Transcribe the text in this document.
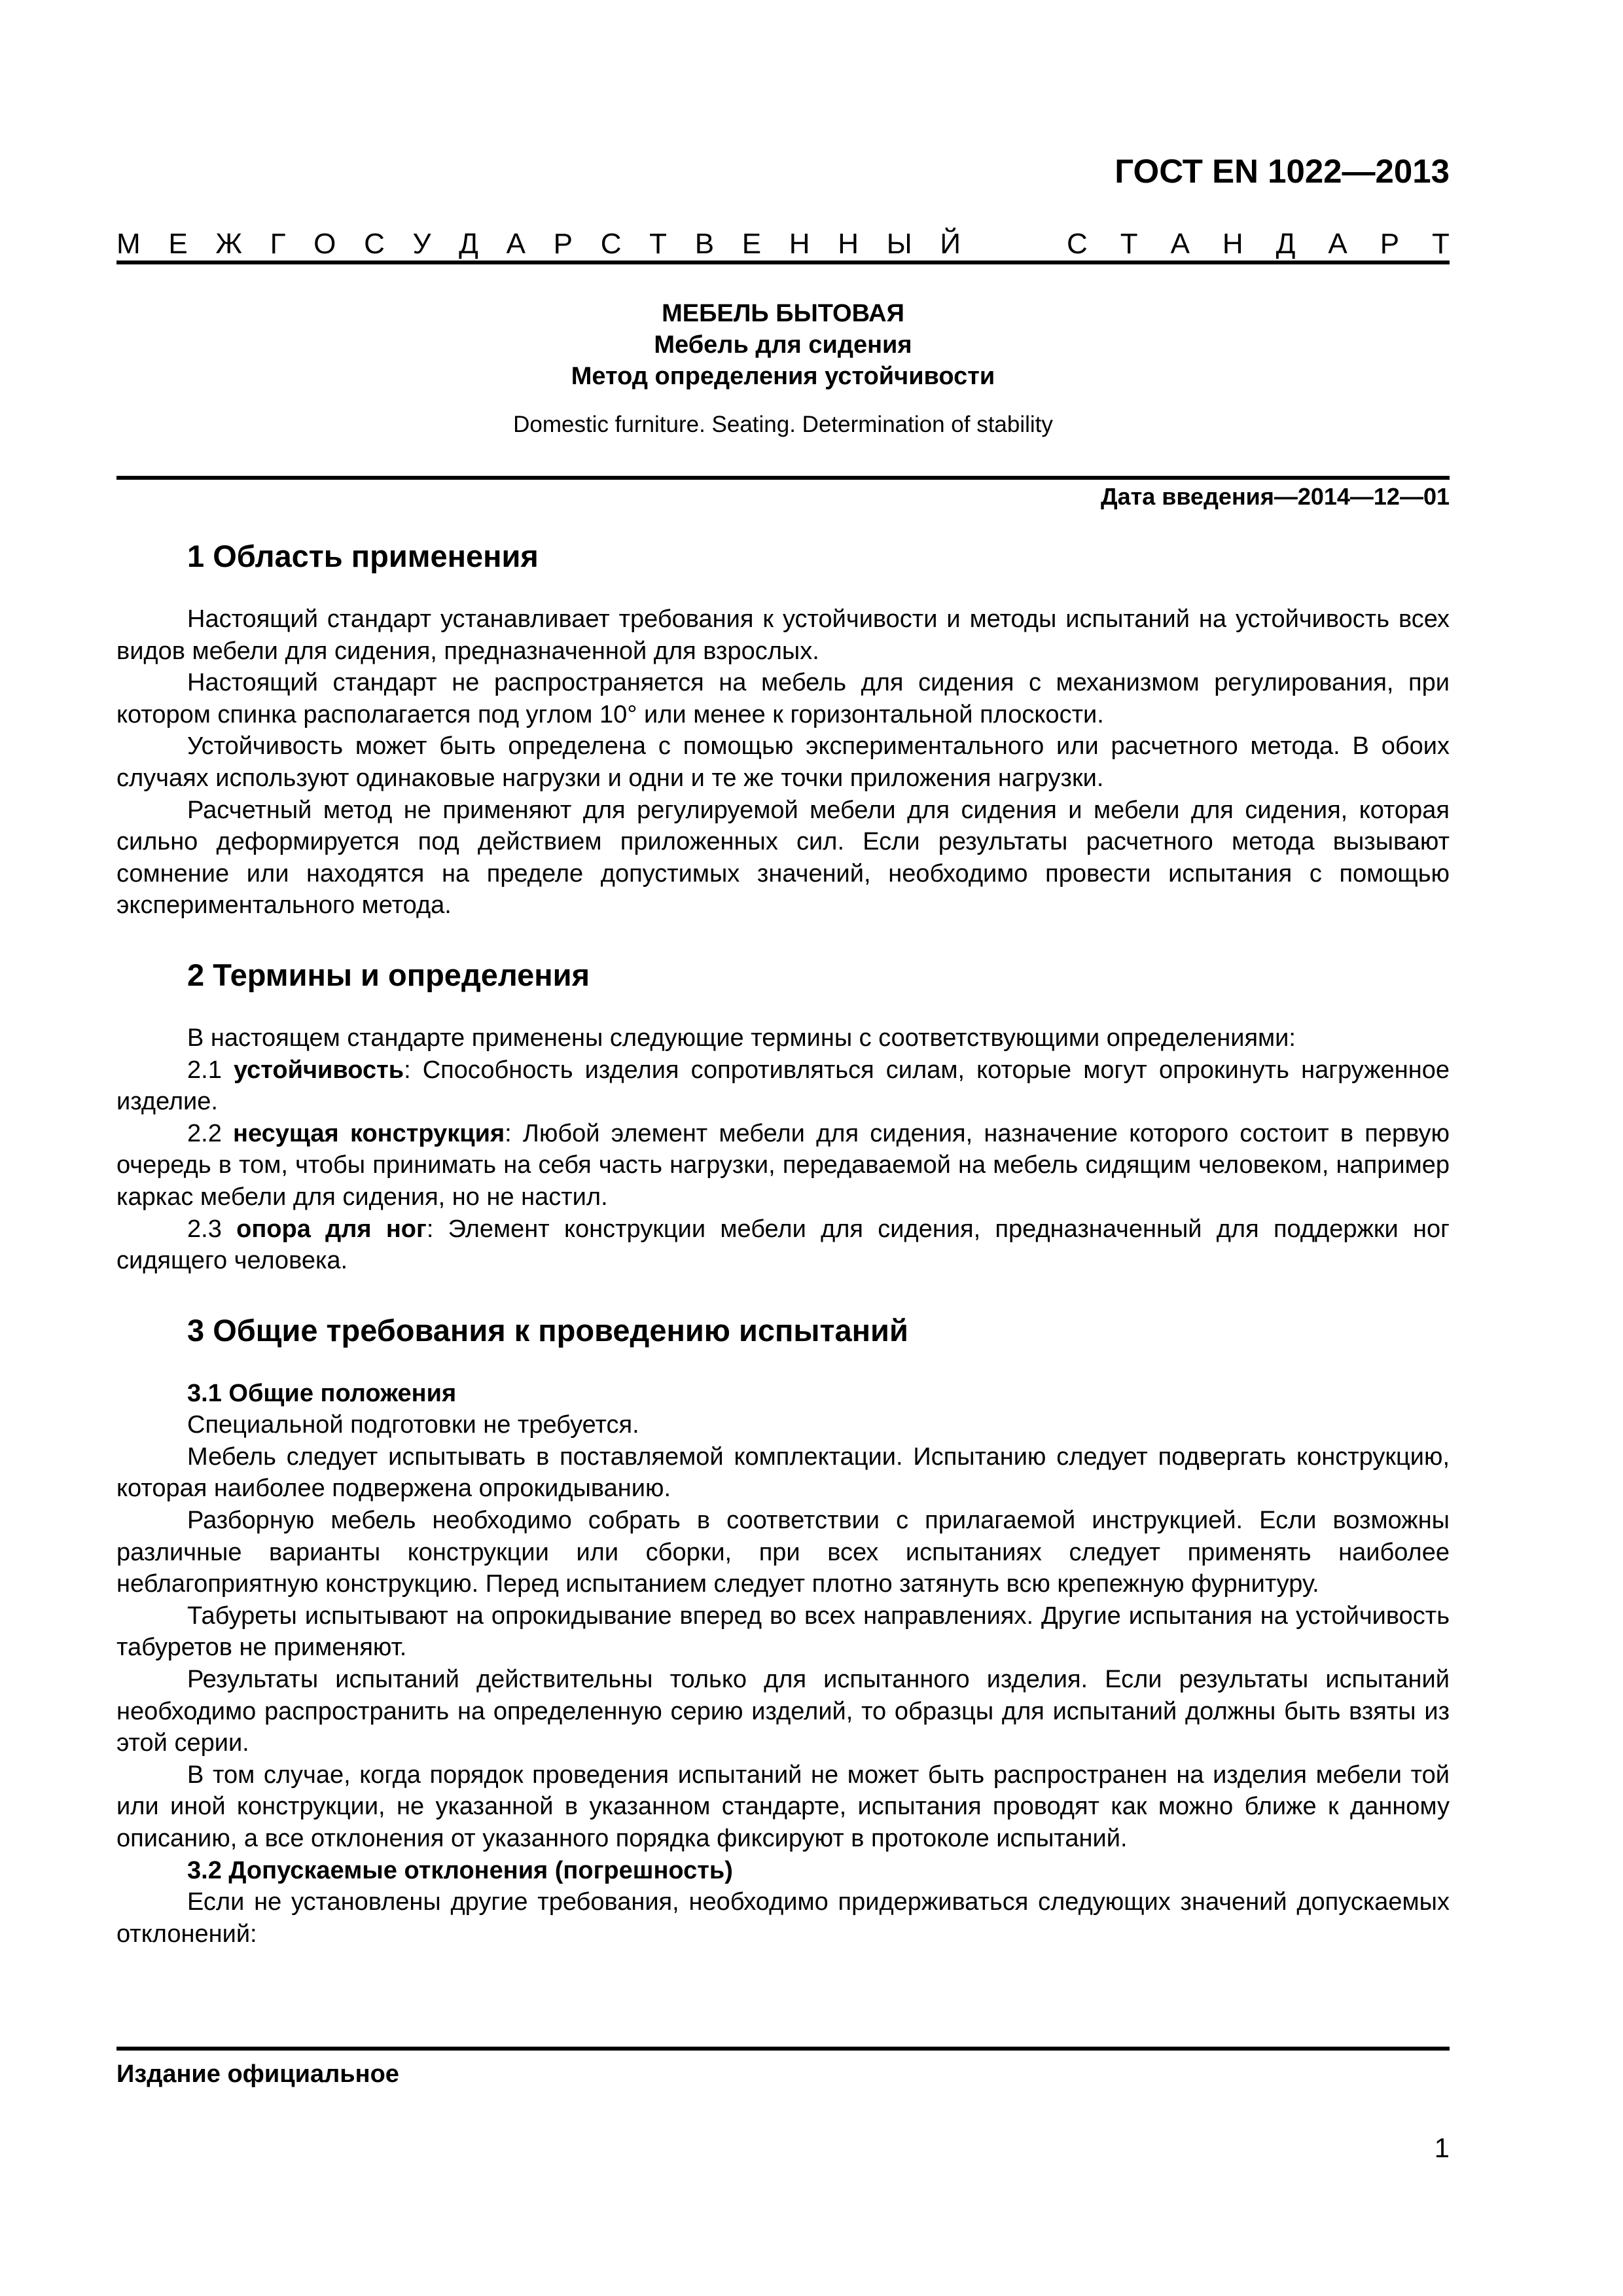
ГОСТ EN 1022—2013
М Е Ж Г О С У Д А Р С Т В Е Н Н Ы Й	С Т А Н Д А Р Т
МЕБЕЛЬ БЫТОВАЯ
Мебель для сидения
Метод определения устойчивости
Domestic furniture. Seating. Determination of stability
Дата введения—2014—12—01
1 Область применения

Настоящий стандарт устанавливает требования к устойчивости и методы испытаний на устойчивость всех видов мебели для сидения, предназначенной для взрослых.

Настоящий стандарт не распространяется на мебель для сидения с механизмом регулирования, при котором спинка располагается под углом 10° или менее к горизонтальной плоскости.

Устойчивость может быть определена с помощью экспериментального или расчетного метода. В обоих случаях используют одинаковые нагрузки и одни и те же точки приложения нагрузки.

Расчетный метод не применяют для регулируемой мебели для сидения и мебели для сидения, которая сильно деформируется под действием приложенных сил. Если результаты расчетного метода вызывают сомнение или находятся на пределе допустимых значений, необходимо провести испытания с помощью экспериментального метода.

2 Термины и определения

В настоящем стандарте применены следующие термины с соответствующими определениями:

2.1 устойчивость: Способность изделия сопротивляться силам, которые могут опрокинуть нагруженное изделие.

2.2 несущая конструкция: Любой элемент мебели для сидения, назначение которого состоит в первую очередь в том, чтобы принимать на себя часть нагрузки, передаваемой на мебель сидящим человеком, например каркас мебели для сидения, но не настил.

2.3 опора для ног: Элемент конструкции мебели для сидения, предназначенный для поддержки ног сидящего человека.

3 Общие требования к проведению испытаний
3.1 Общие положения

Специальной подготовки не требуется.

Мебель следует испытывать в поставляемой комплектации. Испытанию следует подвергать конструкцию, которая наиболее подвержена опрокидыванию.

Разборную мебель необходимо собрать в соответствии с прилагаемой инструкцией. Если возможны различные варианты конструкции или сборки, при всех испытаниях следует применять наиболее неблагоприятную конструкцию. Перед испытанием следует плотно затянуть всю крепежную фурнитуру.

Табуреты испытывают на опрокидывание вперед во всех направлениях. Другие испытания на устойчивость табуретов не применяют.

Результаты испытаний действительны только для испытанного изделия. Если результаты испытаний необходимо распространить на определенную серию изделий, то образцы для испытаний должны быть взяты из этой серии.

В том случае, когда порядок проведения испытаний не может быть распространен на изделия мебели той или иной конструкции, не указанной в указанном стандарте, испытания проводят как можно ближе к данному описанию, а все отклонения от указанного порядка фиксируют в протоколе испытаний.

3.2 Допускаемые отклонения (погрешность)

Если не установлены другие требования, необходимо придерживаться следующих значений допускаемых отклонений:

Издание официальное
1
